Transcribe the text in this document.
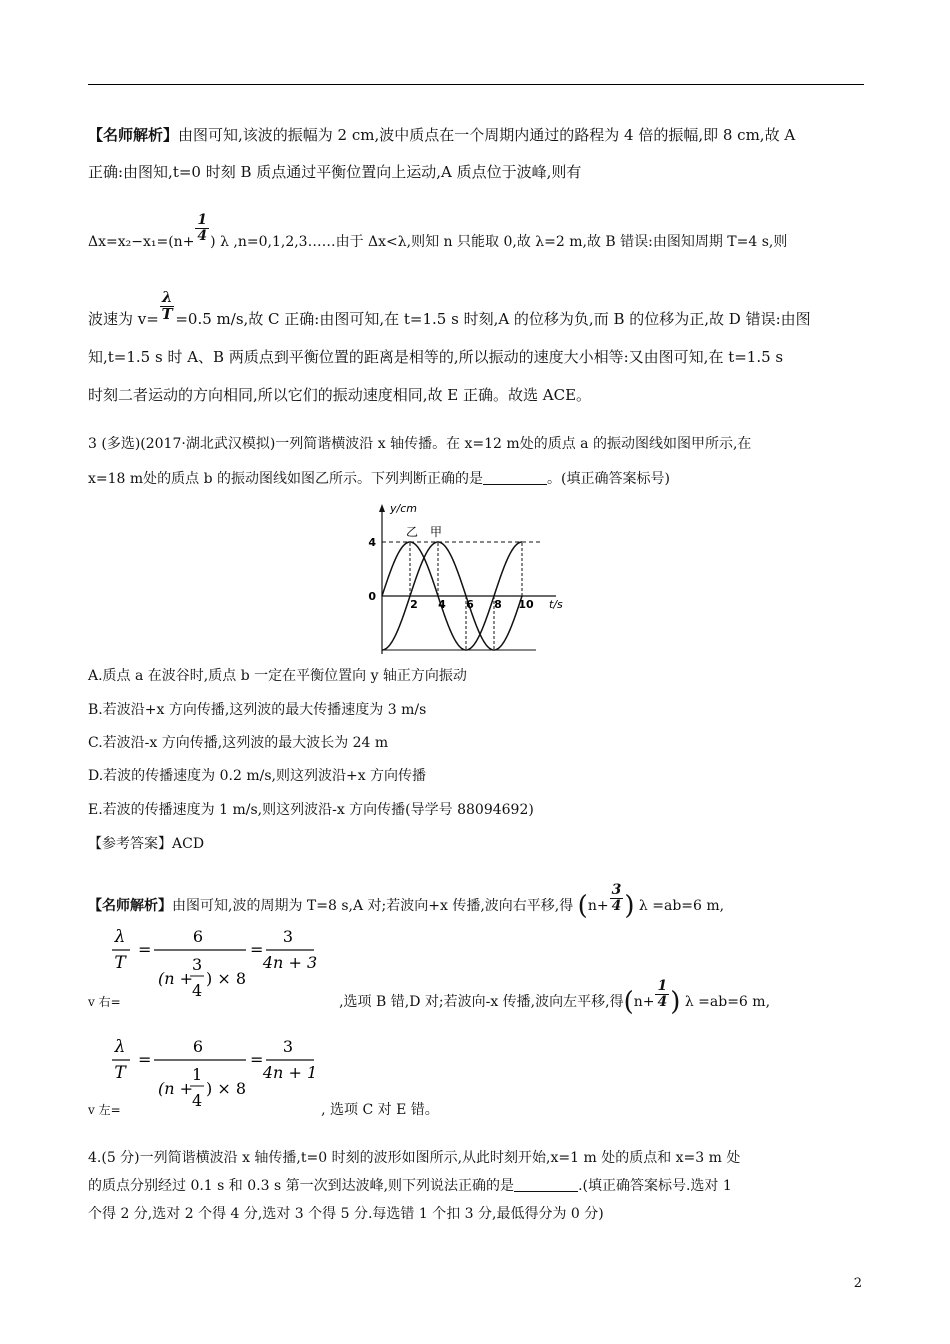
【名师解析】由图可知,该波的振幅为 2 cm,波中质点在一个周期内通过的路程为 4 倍的振幅,即 8 cm,故 A
正确:由图知,t=0 时刻 B 质点通过平衡位置向上运动,A 质点位于波峰,则有
$\Delta x=x_2-x_1=(n+ \frac{1}{4}$ ) λ ,n=0,1,2,3……由于 Δx<λ,则知 n 只能取 0,故 λ=2 m,故 B 错误:由图知周期 T=4 s,则
波速为 $v= \frac{\lambda}{T} =0.5$ m/s,故 C 正确:由图可知,在 t=1.5 s 时刻,A 的位移为负,而 B 的位移为正,故 D 错误:由图
知,t=1.5 s 时 A、B 两质点到平衡位置的距离是相等的,所以振动的速度大小相等:又由图可知,在 t=1.5 s
时刻二者运动的方向相同,所以它们的振动速度相同,故 E 正确。故选 ACE。
3 (多选)(2017·湖北武汉模拟)一列简谐横波沿 x 轴传播。在 x=12 m处的质点 a 的振动图线如图甲所示,在
x=18 m处的质点 b 的振动图线如图乙所示。下列判断正确的是	。(填正确答案标号)
乙 甲
2 4 6 8 10
4
0
y/cm
t/s
A.质点 a 在波谷时,质点 b 一定在平衡位置向 y 轴正方向振动
B.若波沿+x 方向传播,这列波的最大传播速度为 3 m/s
C.若波沿-x 方向传播,这列波的最大波长为 24 m
D.若波的传播速度为 0.2 m/s,则这列波沿+x 方向传播
E.若波的传播速度为 1 m/s,则这列波沿-x 方向传播(导学号 88094692)
【参考答案】ACD
【名师解析】由图可知,波的周期为 T=8 s,A 对;若波向+x 传播,波向右平移,得 ($n+ \frac{3}{4}$ ) λ =ab=6 m,
λ
T
=
6
(n +
3
4
) × 8
=
3
4n + 3
v 右=	,选项 B 错,D 对;若波向-x 传播,波向左平移,得($n+ \frac{1}{4}$ ) λ =ab=6 m,
λ
T
=
6
(n +
1
4
) × 8
=
3
4n + 1
v 左=	, 选项 C 对 E 错。
4.(5 分)一列简谐横波沿 x 轴传播,t=0 时刻的波形如图所示,从此时刻开始,x=1 m 处的质点和 x=3 m 处
的质点分别经过 0.1 s 和 0.3 s 第一次到达波峰,则下列说法正确的是	.(填正确答案标号.选对 1
个得 2 分,选对 2 个得 4 分,选对 3 个得 5 分.每选错 1 个扣 3 分,最低得分为 0 分)
2
